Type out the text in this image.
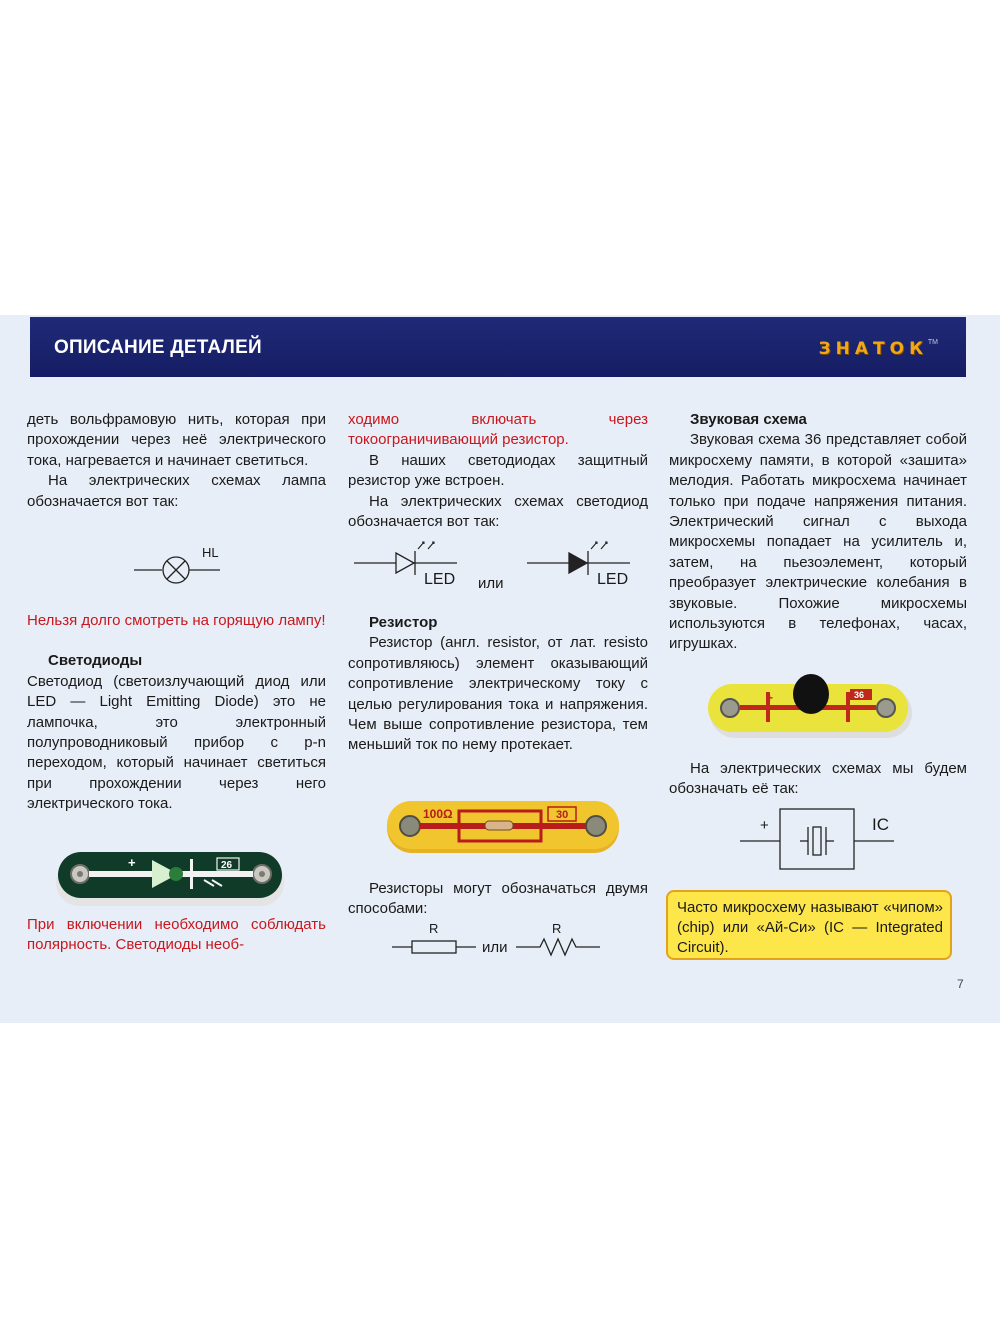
ОПИСАНИЕ ДЕТАЛЕЙ	ЗНАТОК TM

деть вольфрамовую нить, которая при прохождении через неё электрического тока, нагревается и начинает светиться.

На электрических схемах лампа обозначается вот так:

HL

Нельзя долго смотреть на горящую лампу!

Светодиоды

Светодиод (светоизлучающий диод или LED — Light Emitting Diode) это не лампочка, это электронный полупроводниковый прибор с p-n переходом, который начинает светиться при прохождении через него электрического тока.

+	26

При включении необходимо соблюдать полярность. Светодиоды необ-

ходимо включать через токоограничивающий резистор.

В наших светодиодах защитный резистор уже встроен.

На электрических схемах светодиод обозначается вот так:

LED или	LED

Резистор

Резистор (англ. resistor, от лат. resisto сопротивляюсь) элемент оказывающий сопротивление электрическому току с целью регулирования тока и напряжения. Чем выше сопротивление резистора, тем меньший ток по нему протекает.

100Ω	30

Резисторы могут обозначаться двумя способами:

R
или
R

Звуковая схема

Звуковая схема 36 представляет собой микросхему памяти, в которой «зашита» мелодия. Работать микросхема начинает только при подаче напряжения питания. Электрический сигнал с выхода микросхемы попадает на усилитель и, затем, на пьезоэлемент, который преобразует электрические колебания в звуковые. Похожие микросхемы используются в телефонах, часах, игрушках.

+	36

На электрических схемах мы будем обозначать её так:

+	IC
Часто микросхему называют «чипом» (chip) или «Ай-Си» (IC — Integrated Circuit).
7
